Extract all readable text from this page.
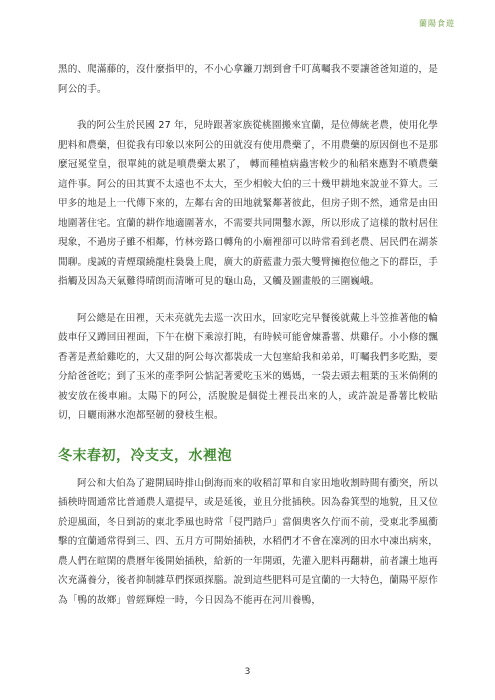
蘭陽食遊

黑的、爬滿藤的，沒什麼指甲的，不小心拿鐮刀割到會千叮萬囑我不要讓爸爸知道的，是阿公的手。

我的阿公生於民國 27 年，兒時跟著家族從桃園搬來宜蘭，是位傳統老農，使用化學肥料和農藥，但從我有印象以來阿公的田就沒有使用農藥了，不用農藥的原因倒也不是那麼冠冕堂皇，很單純的就是噴農藥太累了， 轉而種植病蟲害較少的秈稻來應對不噴農藥這件事。阿公的田其實不太遠也不太大，至少相較大伯的三十幾甲耕地來說並不算大。三甲多的地是上一代傳下來的，左鄰右舍的田地就緊鄰著彼此，但房子則不然，通常是由田地圍著住宅。宜蘭的耕作地適圍著水，不需要共同開鑿水源，所以形成了這樣的散村居住現象，不過房子雖不相鄰，竹林旁路口轉角的小廟裡卻可以時常看到老農、居民們在湖茶閒聊。虔誠的青煙環繞龍柱裊裊上爬，廣大的蔚藍畫力張大雙臂擁抱位他之下的群臣，手指觸及因為天氣難得晴朗而清晰可見的龜山島，又觸及圖畫般的三圍巍峨。

阿公總是在田裡，天未亮就先去巡一次田水，回家吃完早餐後就戴上斗笠推著他的輪鼓車仔又蹲回田裡面，下午在樹下乘涼打盹，有時候可能會煉番薯、烘雞仔。小小修的飄香著是煮給雞吃的，大又甜的阿公每次都裝成一大包塞給我和弟弟，叮囑我們多吃點，要分給爸爸吃；到了玉米的產季阿公惦記著愛吃玉米的媽媽，一袋去頭去粗葉的玉米倘俐的被安放在後車廂。太陽下的阿公，活脫脫是個從土裡長出來的人，或許說是番薯比較貼切，日曬雨淋水泡都堅韌的發枝生根。

冬末春初，冷支支，水裡泡

阿公和大伯為了避開屆時排山倒海而來的收稻訂單和自家田地收割時間有衝突，所以插秧時間通常比普通農人還提早，或是延後，並且分批插秧。因為畚箕型的地貌，且又位於迎風面，冬日到訪的東北季風也時常「侵門踏戶」當個奧客久佇而不前，受東北季風衝擊的宜蘭通常得到三、四、五月方可開始插秧，水稻們才不會在凜冽的田水中凍出病來，農人們在暄閑的農曆年後開始插秧，給新的一年開頭，先灌入肥料再翻耕，前者讓土地再次充滿養分，後者抑制雜草們探頭探腦。說到這些肥料可是宜蘭的一大特色，蘭陽平原作為「鴨的故鄉」曾經輝煌一時，今日因為不能再在河川養鴨，

3
